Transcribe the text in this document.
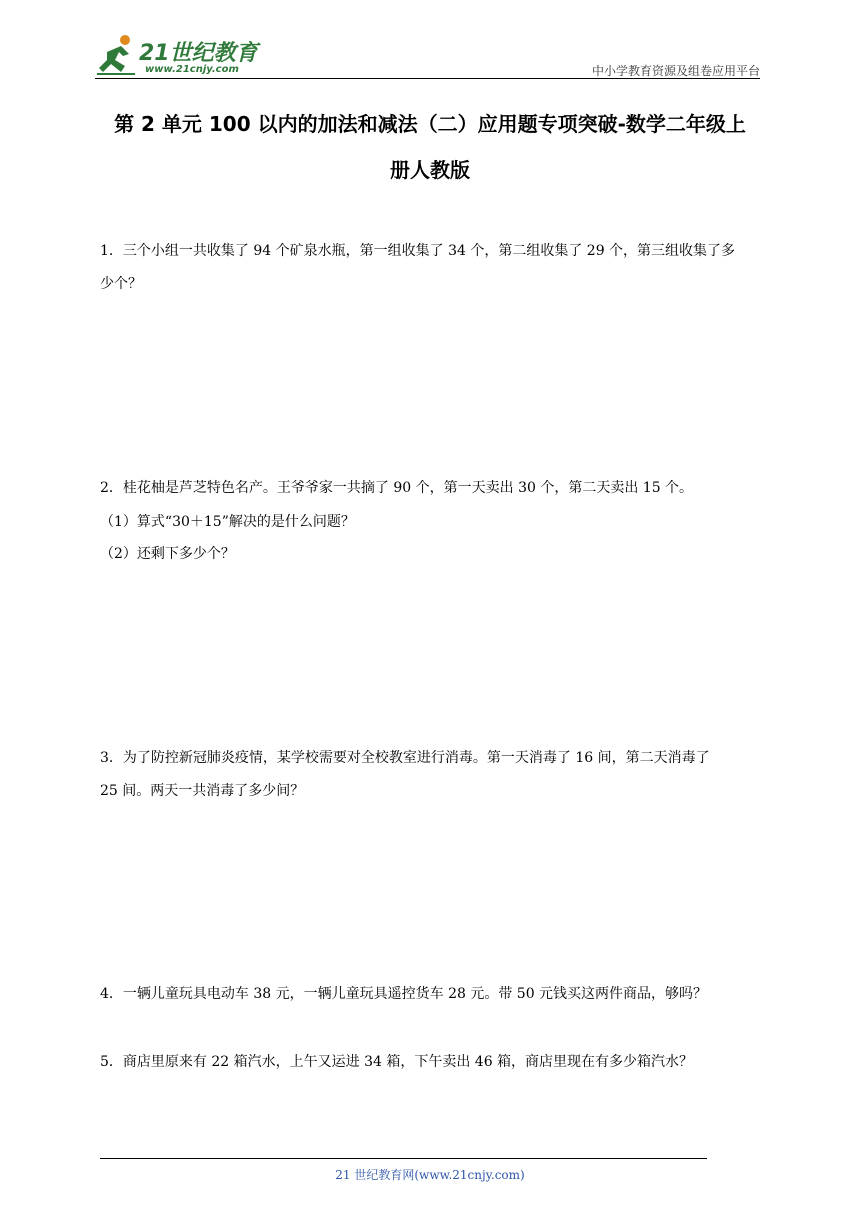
21世纪教育
www.21cnjy.com	中小学教育资源及组卷应用平台
第 2 单元 100 以内的加法和减法（二）应用题专项突破-数学二年级上
册人教版
1．三个小组一共收集了 94 个矿泉水瓶，第一组收集了 34 个，第二组收集了 29 个，第三组收集了多
少个？
2．桂花柚是芦芝特色名产。王爷爷家一共摘了 90 个，第一天卖出 30 个，第二天卖出 15 个。
（1）算式“30＋15”解决的是什么问题？
（2）还剩下多少个？
3．为了防控新冠肺炎疫情，某学校需要对全校教室进行消毒。第一天消毒了 16 间，第二天消毒了
25 间。两天一共消毒了多少间？
4．一辆儿童玩具电动车 38 元，一辆儿童玩具遥控货车 28 元。带 50 元钱买这两件商品，够吗？
5．商店里原来有 22 箱汽水，上午又运进 34 箱，下午卖出 46 箱，商店里现在有多少箱汽水？
21 世纪教育网(www.21cnjy.com)
